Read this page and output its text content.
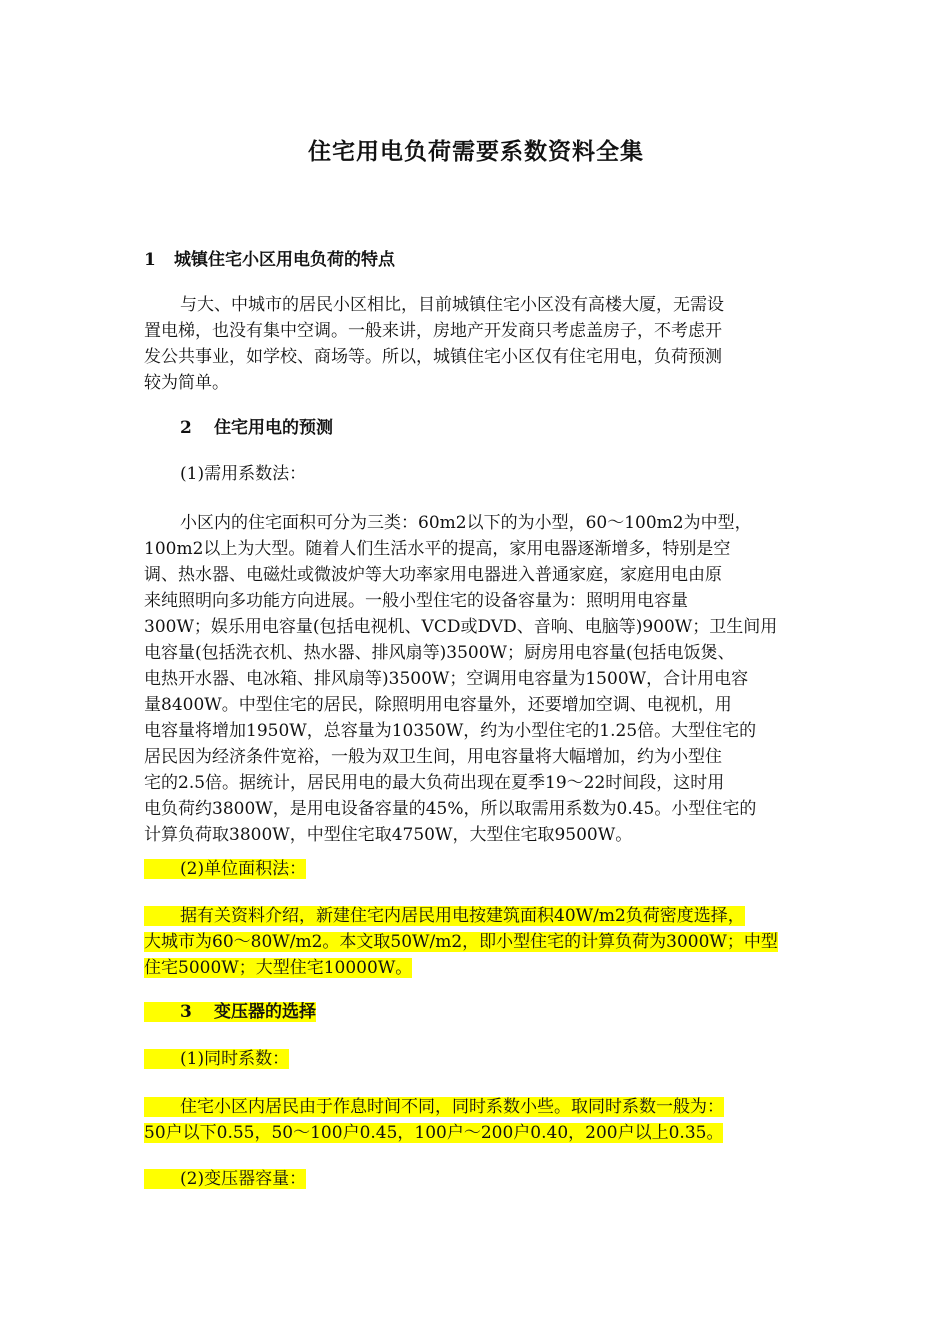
住宅用电负荷需要系数资料全集
1 城镇住宅小区用电负荷的特点
与大、中城市的居民小区相比，目前城镇住宅小区没有高楼大厦，无需设
置电梯，也没有集中空调。一般来讲，房地产开发商只考虑盖房子，不考虑开
发公共事业，如学校、商场等。所以，城镇住宅小区仅有住宅用电，负荷预测
较为简单。
2 住宅用电的预测
(1)需用系数法：
小区内的住宅面积可分为三类：60m2以下的为小型，60～100m2为中型，
100m2以上为大型。随着人们生活水平的提高，家用电器逐渐增多，特别是空
调、热水器、电磁灶或微波炉等大功率家用电器进入普通家庭，家庭用电由原
来纯照明向多功能方向进展。一般小型住宅的设备容量为：照明用电容量
300W；娱乐用电容量(包括电视机、VCD或DVD、音响、电脑等)900W；卫生间用
电容量(包括洗衣机、热水器、排风扇等)3500W；厨房用电容量(包括电饭煲、
电热开水器、电冰箱、排风扇等)3500W；空调用电容量为1500W，合计用电容
量8400W。中型住宅的居民，除照明用电容量外，还要增加空调、电视机，用
电容量将增加1950W，总容量为10350W，约为小型住宅的1.25倍。大型住宅的
居民因为经济条件宽裕，一般为双卫生间，用电容量将大幅增加，约为小型住
宅的2.5倍。据统计，居民用电的最大负荷出现在夏季19～22时间段，这时用
电负荷约3800W，是用电设备容量的45%，所以取需用系数为0.45。小型住宅的
计算负荷取3800W，中型住宅取4750W，大型住宅取9500W。
(2)单位面积法：
据有关资料介绍，新建住宅内居民用电按建筑面积40W/m2负荷密度选择，
大城市为60～80W/m2。本文取50W/m2，即小型住宅的计算负荷为3000W；中型
住宅5000W；大型住宅10000W。
3 变压器的选择
(1)同时系数：
住宅小区内居民由于作息时间不同，同时系数小些。取同时系数一般为：
50户以下0.55，50～100户0.45，100户～200户0.40，200户以上0.35。
(2)变压器容量：
